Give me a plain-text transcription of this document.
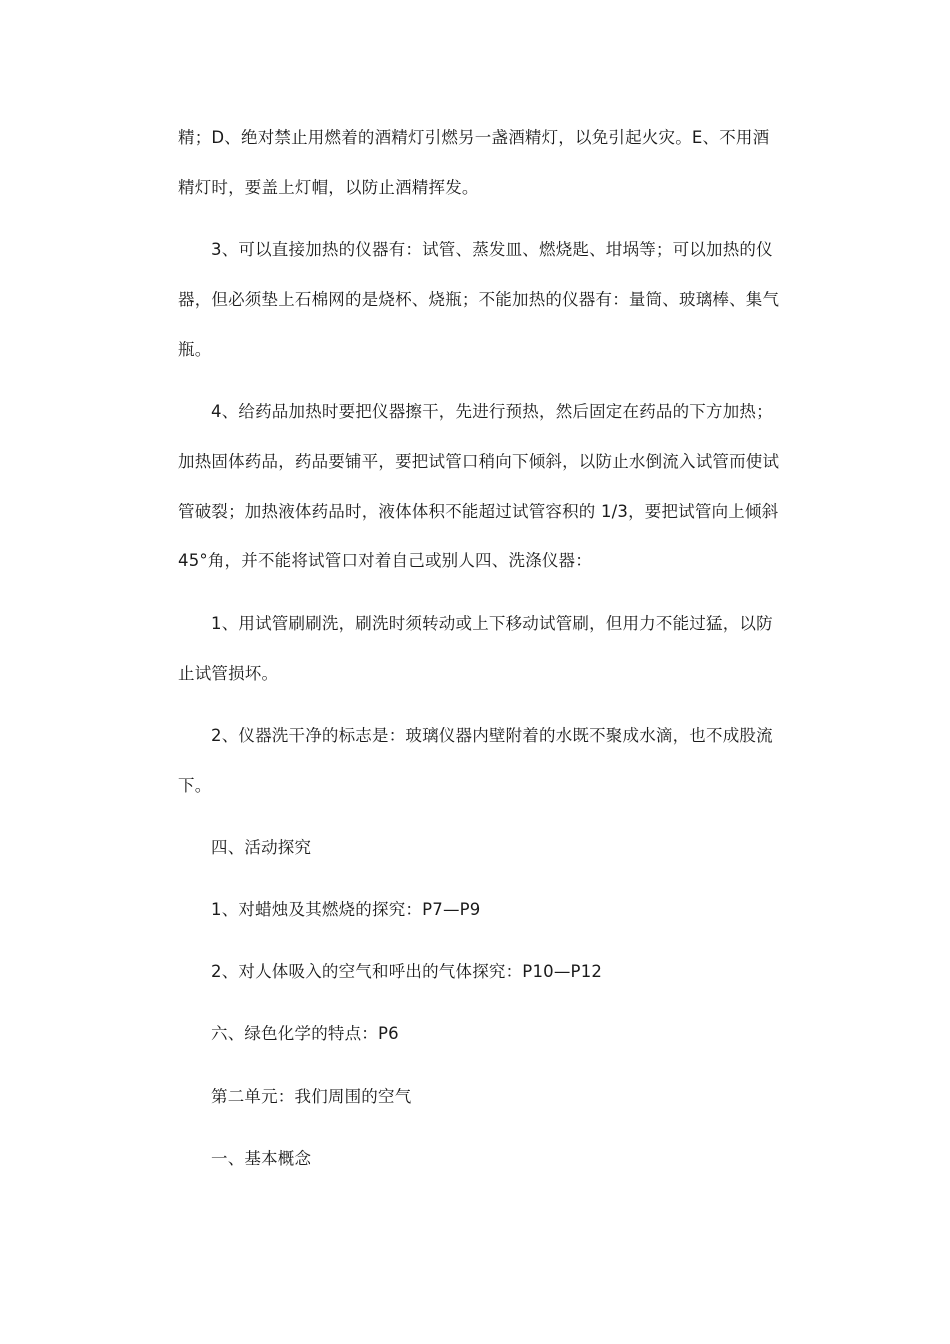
精；D、绝对禁止用燃着的酒精灯引燃另一盏酒精灯，以免引起火灾。E、不用酒
精灯时，要盖上灯帽，以防止酒精挥发。
3、可以直接加热的仪器有：试管、蒸发皿、燃烧匙、坩埚等；可以加热的仪
器，但必须垫上石棉网的是烧杯、烧瓶；不能加热的仪器有：量筒、玻璃棒、集气
瓶。
4、给药品加热时要把仪器擦干，先进行预热，然后固定在药品的下方加热；
加热固体药品，药品要铺平，要把试管口稍向下倾斜，以防止水倒流入试管而使试
管破裂；加热液体药品时，液体体积不能超过试管容积的 1/3，要把试管向上倾斜
45°角，并不能将试管口对着自己或别人四、洗涤仪器：
1、用试管刷刷洗，刷洗时须转动或上下移动试管刷，但用力不能过猛，以防
止试管损坏。
2、仪器洗干净的标志是：玻璃仪器内壁附着的水既不聚成水滴，也不成股流
下。
四、活动探究
1、对蜡烛及其燃烧的探究：P7—P9
2、对人体吸入的空气和呼出的气体探究：P10—P12
六、绿色化学的特点：P6
第二单元：我们周围的空气
一、基本概念
